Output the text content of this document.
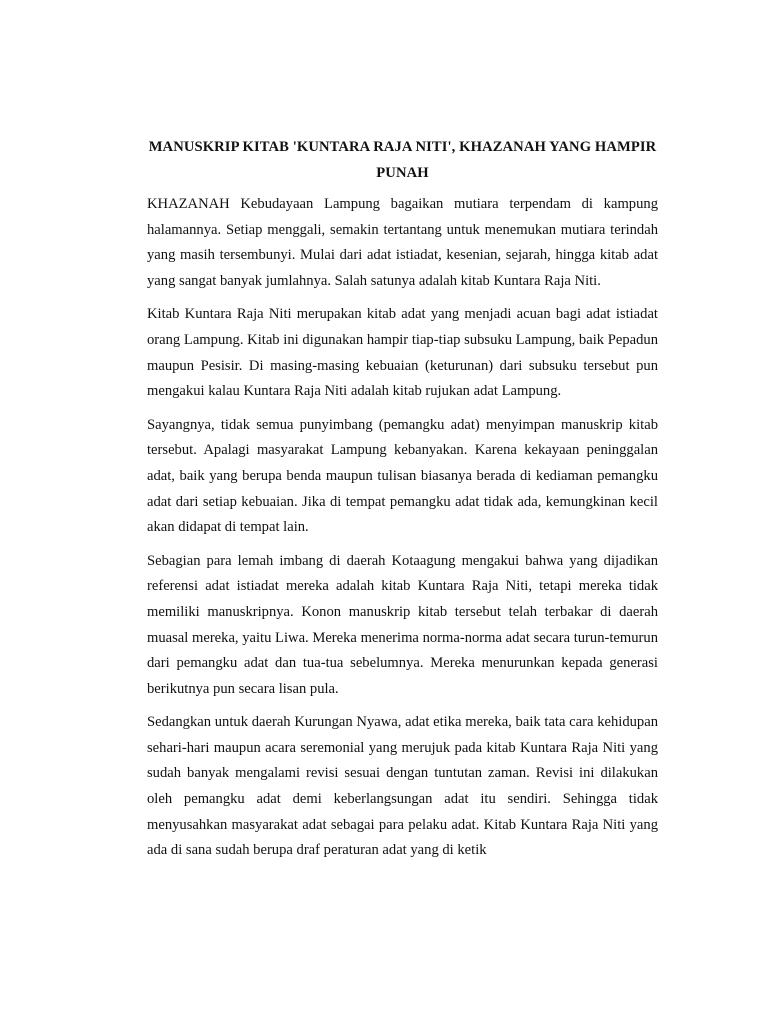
MANUSKRIP KITAB 'KUNTARA RAJA NITI', KHAZANAH YANG HAMPIR PUNAH
KHAZANAH Kebudayaan Lampung bagaikan mutiara terpendam di kampung halamannya. Setiap menggali, semakin tertantang untuk menemukan mutiara terindah yang masih tersembunyi. Mulai dari adat istiadat, kesenian, sejarah, hingga kitab adat yang sangat banyak jumlahnya. Salah satunya adalah kitab Kuntara Raja Niti.
Kitab Kuntara Raja Niti merupakan kitab adat yang menjadi acuan bagi adat istiadat orang Lampung. Kitab ini digunakan hampir tiap-tiap subsuku Lampung, baik Pepadun maupun Pesisir. Di masing-masing kebuaian (keturunan) dari subsuku tersebut pun mengakui kalau Kuntara Raja Niti adalah kitab rujukan adat Lampung.
Sayangnya, tidak semua punyimbang (pemangku adat) menyimpan manuskrip kitab tersebut. Apalagi masyarakat Lampung kebanyakan. Karena kekayaan peninggalan adat, baik yang berupa benda maupun tulisan biasanya berada di kediaman pemangku adat dari setiap kebuaian. Jika di tempat pemangku adat tidak ada, kemungkinan kecil akan didapat di tempat lain.
Sebagian para lemah imbang di daerah Kotaagung mengakui bahwa yang dijadikan referensi adat istiadat mereka adalah kitab Kuntara Raja Niti, tetapi mereka tidak memiliki manuskripnya. Konon manuskrip kitab tersebut telah terbakar di daerah muasal mereka, yaitu Liwa. Mereka menerima norma-norma adat secara turun-temurun dari pemangku adat dan tua-tua sebelumnya. Mereka menurunkan kepada generasi berikutnya pun secara lisan pula.
Sedangkan untuk daerah Kurungan Nyawa, adat etika mereka, baik tata cara kehidupan sehari-hari maupun acara seremonial yang merujuk pada kitab Kuntara Raja Niti yang sudah banyak mengalami revisi sesuai dengan tuntutan zaman. Revisi ini dilakukan oleh pemangku adat demi keberlangsungan adat itu sendiri. Sehingga tidak menyusahkan masyarakat adat sebagai para pelaku adat. Kitab Kuntara Raja Niti yang ada di sana sudah berupa draf peraturan adat yang di ketik
